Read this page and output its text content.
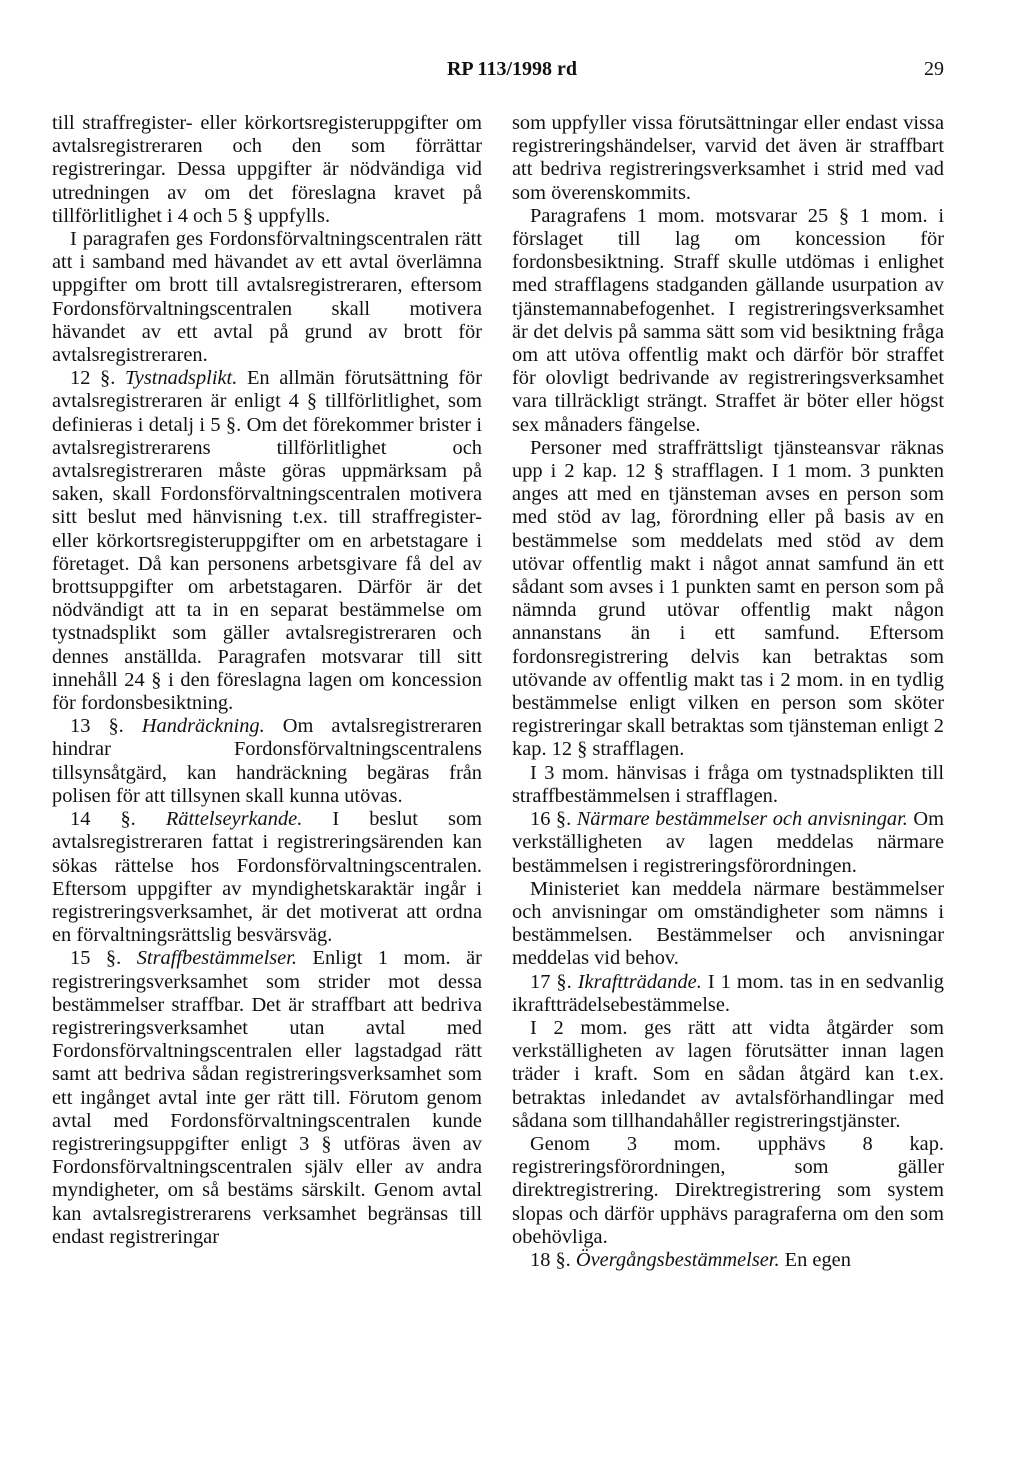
RP 113/1998 rd	29

till straffregister- eller körkortsregisteruppgifter om avtalsregistreraren och den som förrättar registreringar. Dessa uppgifter är nödvändiga vid utredningen av om det föreslagna kravet på tillförlitlighet i 4 och 5 § uppfylls.

I paragrafen ges Fordonsförvaltningscentralen rätt att i samband med hävandet av ett avtal överlämna uppgifter om brott till avtalsregistreraren, eftersom Fordonsförvaltningscentralen skall motivera hävandet av ett avtal på grund av brott för avtalsregistreraren.

12 §. Tystnadsplikt. En allmän förutsättning för avtalsregistreraren är enligt 4 § tillförlitlighet, som definieras i detalj i 5 §. Om det förekommer brister i avtalsregistrerarens tillförlitlighet och avtalsregistreraren måste göras uppmärksam på saken, skall Fordonsförvaltningscentralen motivera sitt beslut med hänvisning t.ex. till straffregister- eller körkortsregisteruppgifter om en arbetstagare i företaget. Då kan personens arbetsgivare få del av brottsuppgifter om arbetstagaren. Därför är det nödvändigt att ta in en separat bestämmelse om tystnadsplikt som gäller avtalsregistreraren och dennes anställda. Paragrafen motsvarar till sitt innehåll 24 § i den föreslagna lagen om koncession för fordonsbesiktning.

13 §. Handräckning. Om avtalsregistreraren hindrar Fordonsförvaltningscentralens tillsynsåtgärd, kan handräckning begäras från polisen för att tillsynen skall kunna utövas.

14 §. Rättelseyrkande. I beslut som avtalsregistreraren fattat i registreringsärenden kan sökas rättelse hos Fordonsförvaltningscentralen. Eftersom uppgifter av myndighetskaraktär ingår i registreringsverksamhet, är det motiverat att ordna en förvaltningsrättslig besvärsväg.

15 §. Straffbestämmelser. Enligt 1 mom. är registreringsverksamhet som strider mot dessa bestämmelser straffbar. Det är straffbart att bedriva registreringsverksamhet utan avtal med Fordonsförvaltningscentralen eller lagstadgad rätt samt att bedriva sådan registreringsverksamhet som ett ingånget avtal inte ger rätt till. Förutom genom avtal med Fordonsförvaltningscentralen kunde registreringsuppgifter enligt 3 § utföras även av Fordonsförvaltningscentralen själv eller av andra myndigheter, om så bestäms särskilt. Genom avtal kan avtalsregistrerarens verksamhet begränsas till endast registreringar

som uppfyller vissa förutsättningar eller endast vissa registreringshändelser, varvid det även är straffbart att bedriva registreringsverksamhet i strid med vad som överenskommits.

Paragrafens 1 mom. motsvarar 25 § 1 mom. i förslaget till lag om koncession för fordonsbesiktning. Straff skulle utdömas i enlighet med strafflagens stadganden gällande usurpation av tjänstemannabefogenhet. I registreringsverksamhet är det delvis på samma sätt som vid besiktning fråga om att utöva offentlig makt och därför bör straffet för olovligt bedrivande av registreringsverksamhet vara tillräckligt strängt. Straffet är böter eller högst sex månaders fängelse.

Personer med straffrättsligt tjänsteansvar räknas upp i 2 kap. 12 § strafflagen. I 1 mom. 3 punkten anges att med en tjänsteman avses en person som med stöd av lag, förordning eller på basis av en bestämmelse som meddelats med stöd av dem utövar offentlig makt i något annat samfund än ett sådant som avses i 1 punkten samt en person som på nämnda grund utövar offentlig makt någon annanstans än i ett samfund. Eftersom fordonsregistrering delvis kan betraktas som utövande av offentlig makt tas i 2 mom. in en tydlig bestämmelse enligt vilken en person som sköter registreringar skall betraktas som tjänsteman enligt 2 kap. 12 § strafflagen.

I 3 mom. hänvisas i fråga om tystnadsplikten till straffbestämmelsen i strafflagen.

16 §. Närmare bestämmelser och anvisningar. Om verkställigheten av lagen meddelas närmare bestämmelsen i registreringsförordningen.

Ministeriet kan meddela närmare bestämmelser och anvisningar om omständigheter som nämns i bestämmelsen. Bestämmelser och anvisningar meddelas vid behov.

17 §. Ikraftträdande. I 1 mom. tas in en sedvanlig ikraftträdelsebestämmelse.

I 2 mom. ges rätt att vidta åtgärder som verkställigheten av lagen förutsätter innan lagen träder i kraft. Som en sådan åtgärd kan t.ex. betraktas inledandet av avtalsförhandlingar med sådana som tillhandahåller registreringstjänster.

Genom 3 mom. upphävs 8 kap. registreringsförordningen, som gäller direktregistrering. Direktregistrering som system slopas och därför upphävs paragraferna om den som obehövliga.

18 §. Övergångsbestämmelser. En egen
